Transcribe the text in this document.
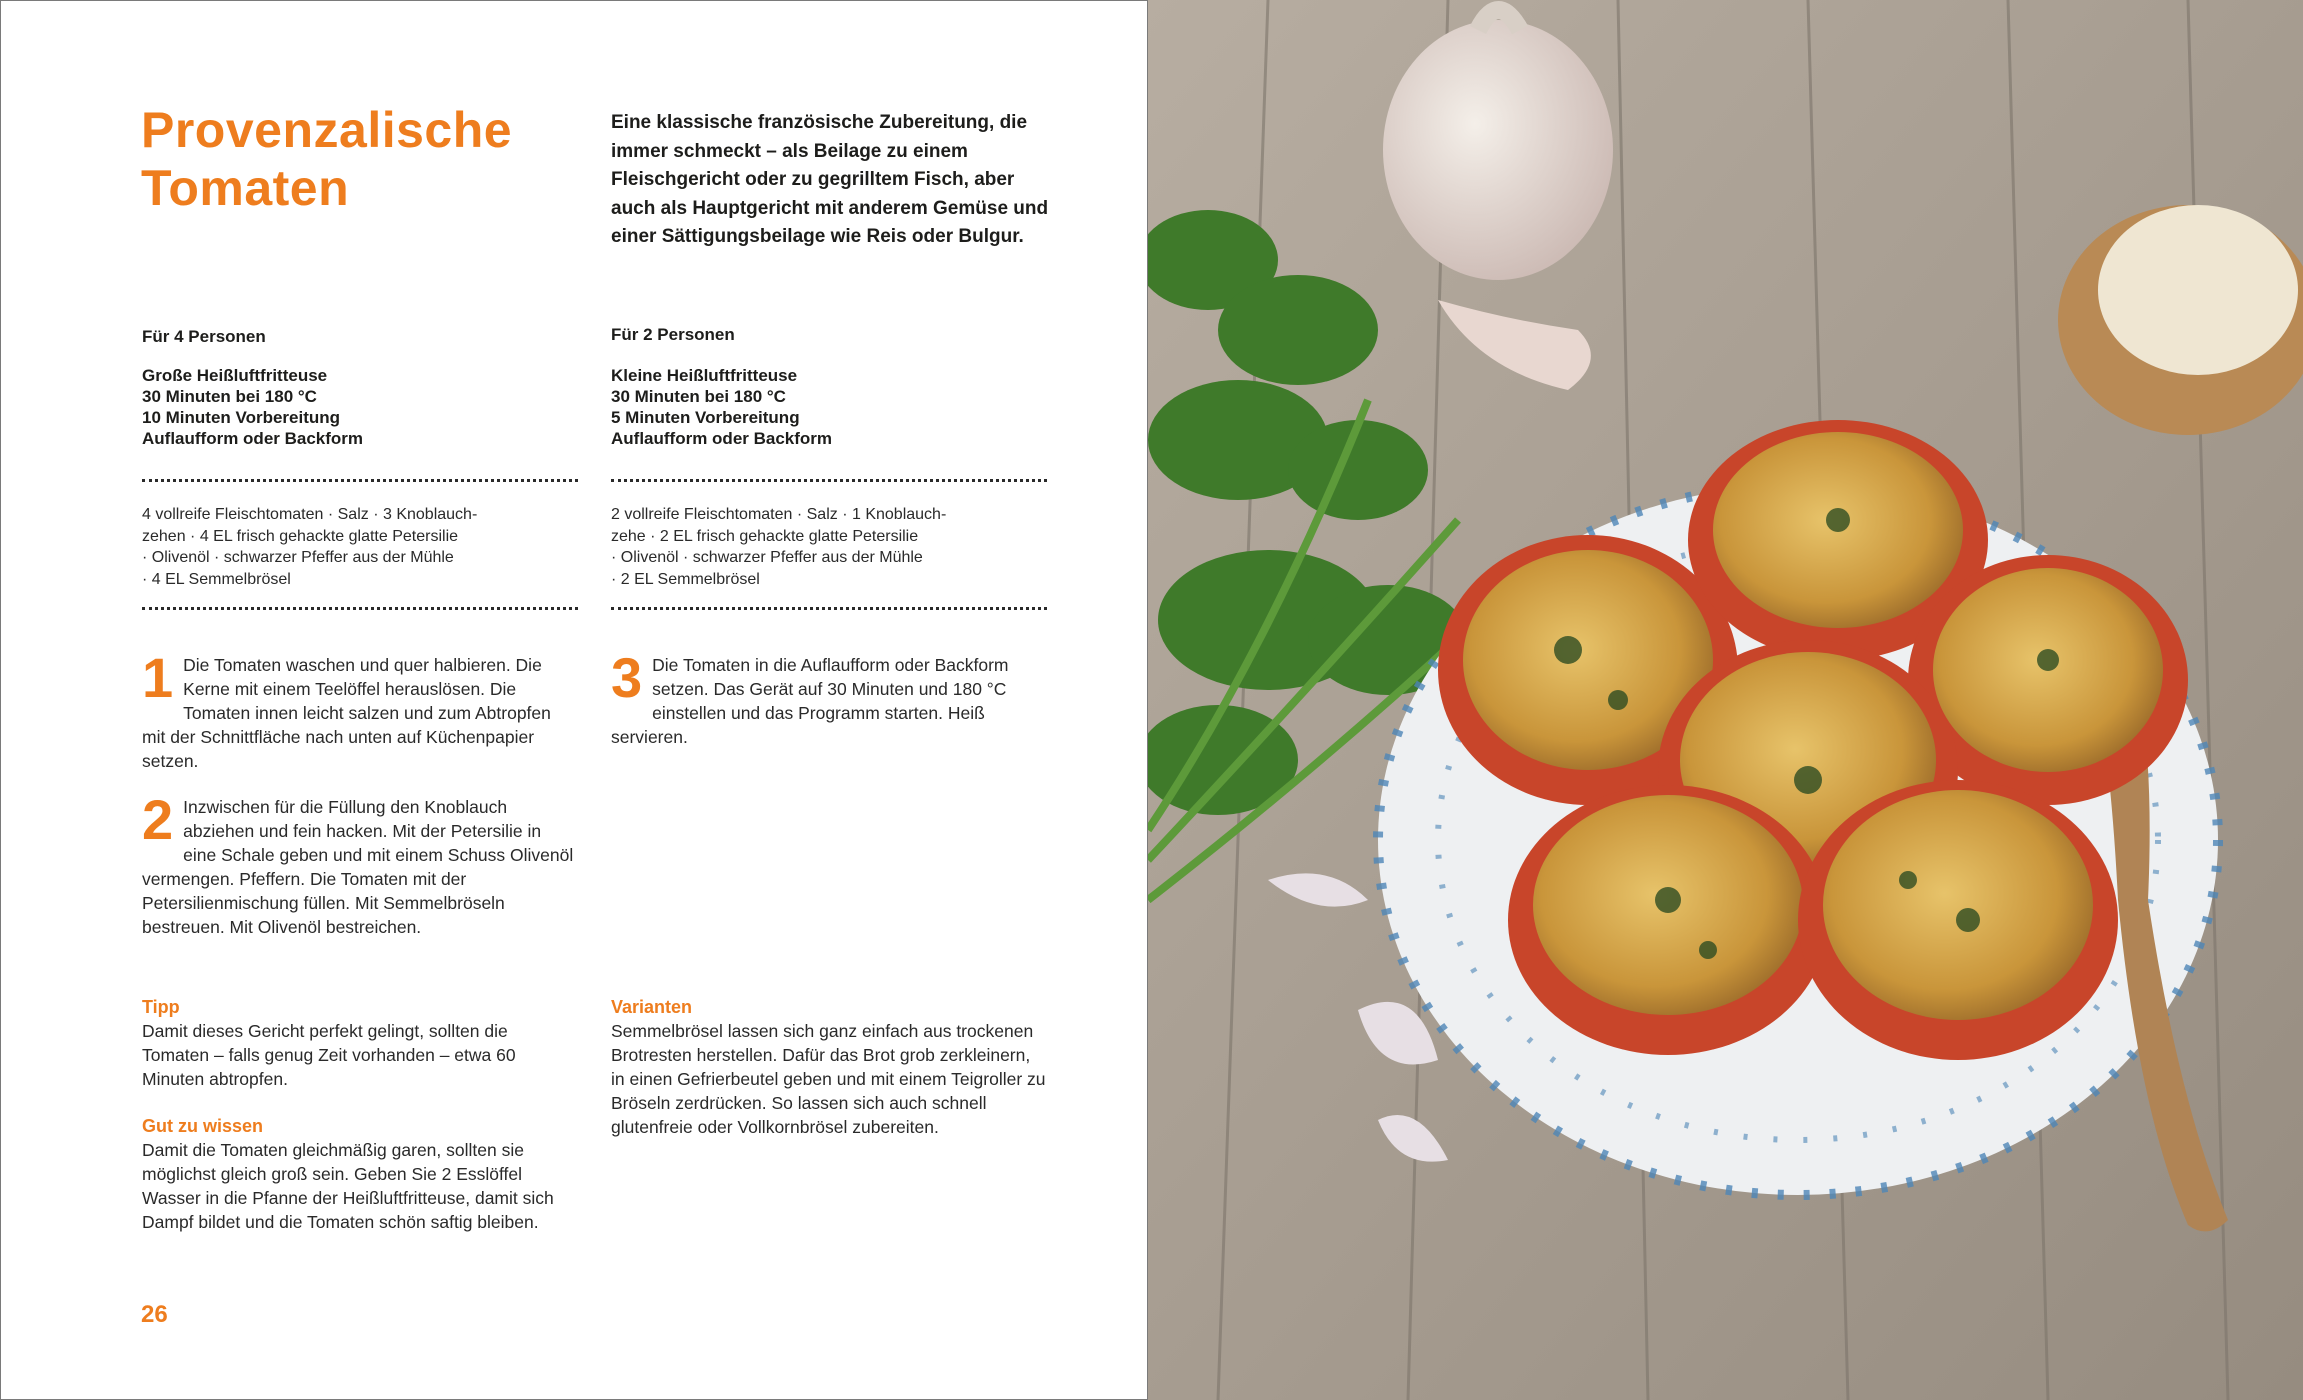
Provenzalische Tomaten

Eine klassische französische Zubereitung, die immer schmeckt – als Beilage zu einem Fleischgericht oder zu gegrilltem Fisch, aber auch als Hauptgericht mit anderem Gemüse und einer Sättigungsbeilage wie Reis oder Bulgur.

Für 4 Personen

Große Heißluftfritteuse
30 Minuten bei 180 °C
10 Minuten Vorbereitung
Auflaufform oder Backform
4 vollreife Fleischtomaten · Salz · 3 Knoblauch-
zehen · 4 EL frisch gehackte glatte Petersilie
· Olivenöl · schwarzer Pfeffer aus der Mühle
· 4 EL Semmelbrösel

Für 2 Personen

Kleine Heißluftfritteuse
30 Minuten bei 180 °C
5 Minuten Vorbereitung
Auflaufform oder Backform
2 vollreife Fleischtomaten · Salz · 1 Knoblauch-
zehe · 2 EL frisch gehackte glatte Petersilie
· Olivenöl · schwarzer Pfeffer aus der Mühle
· 2 EL Semmelbrösel
1 Die Tomaten waschen und quer halbieren. Die Kerne mit einem Teelöffel herauslösen. Die Tomaten innen leicht salzen und zum Abtropfen mit der Schnittfläche nach unten auf Küchenpapier setzen.

2 Inzwischen für die Füllung den Knoblauch abziehen und fein hacken. Mit der Petersilie in eine Schale geben und mit einem Schuss Olivenöl vermengen. Pfeffern. Die Tomaten mit der Petersilienmischung füllen. Mit Semmelbröseln bestreuen. Mit Olivenöl bestreichen.

3 Die Tomaten in die Auflaufform oder Backform setzen. Das Gerät auf 30 Minuten und 180 °C einstellen und das Programm starten. Heiß servieren.

Tipp

Damit dieses Gericht perfekt gelingt, sollten die Tomaten – falls genug Zeit vorhanden – etwa 60 Minuten abtropfen.

Gut zu wissen

Damit die Tomaten gleichmäßig garen, sollten sie möglichst gleich groß sein. Geben Sie 2 Esslöffel Wasser in die Pfanne der Heißluftfritteuse, damit sich Dampf bildet und die Tomaten schön saftig bleiben.

Varianten

Semmelbrösel lassen sich ganz einfach aus trockenen Brotresten herstellen. Dafür das Brot grob zerkleinern, in einen Gefrierbeutel geben und mit einem Teigroller zu Bröseln zerdrücken. So lassen sich auch schnell glutenfreie oder Vollkornbrösel zubereiten.

26
